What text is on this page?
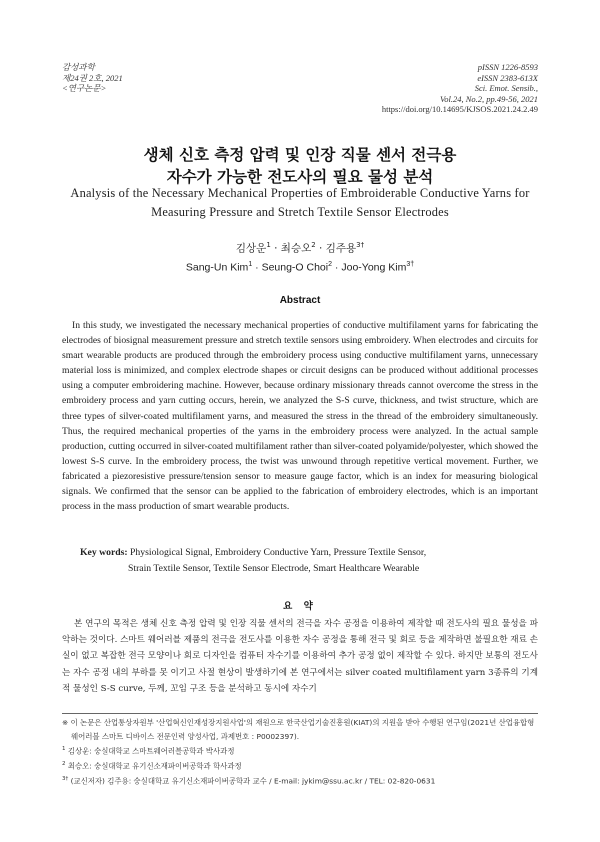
감성과학
제24권 2호, 2021
<연구논문>
pISSN 1226-8593
eISSN 2383-613X
Sci. Emot. Sensib.,
Vol.24, No.2, pp.49-56, 2021
https://doi.org/10.14695/KJSOS.2021.24.2.49
생체 신호 측정 압력 및 인장 직물 센서 전극용
자수가 가능한 전도사의 필요 물성 분석
Analysis of the Necessary Mechanical Properties of Embroiderable Conductive Yarns for
Measuring Pressure and Stretch Textile Sensor Electrodes
김상운$^1$ · 최승오$^2$ · 김주용$^{3\dagger}$
Sang-Un Kim$^1$ · Seung-O Choi$^2$ · Joo-Yong Kim$^{3\dagger}$
Abstract
In this study, we investigated the necessary mechanical properties of conductive multifilament yarns for fabricating the electrodes of biosignal measurement pressure and stretch textile sensors using embroidery. When electrodes and circuits for smart wearable products are produced through the embroidery process using conductive multifilament yarns, unnecessary material loss is minimized, and complex electrode shapes or circuit designs can be produced without additional processes using a computer embroidering machine. However, because ordinary missionary threads cannot overcome the stress in the embroidery process and yarn cutting occurs, herein, we analyzed the S-S curve, thickness, and twist structure, which are three types of silver-coated multifilament yarns, and measured the stress in the thread of the embroidery simultaneously. Thus, the required mechanical properties of the yarns in the embroidery process were analyzed. In the actual sample production, cutting occurred in silver-coated multifilament rather than silver-coated polyamide/polyester, which showed the lowest S-S curve. In the embroidery process, the twist was unwound through repetitive vertical movement. Further, we fabricated a piezoresistive pressure/tension sensor to measure gauge factor, which is an index for measuring biological signals. We confirmed that the sensor can be applied to the fabrication of embroidery electrodes, which is an important process in the mass production of smart wearable products.
Key words: Physiological Signal, Embroidery Conductive Yarn, Pressure Textile Sensor,
Strain Textile Sensor, Textile Sensor Electrode, Smart Healthcare Wearable
요 약
본 연구의 목적은 생체 신호 측정 압력 및 인장 직물 센서의 전극을 자수 공정을 이용하여 제작할 때 전도사의 필요 물성을 파악하는 것이다. 스마트 웨어러블 제품의 전극을 전도사를 이용한 자수 공정을 통해 전극 및 회로 등을 제작하면 불필요한 재료 손실이 없고 복잡한 전극 모양이나 회로 디자인을 컴퓨터 자수기를 이용하여 추가 공정 없이 제작할 수 있다. 하지만 보통의 전도사는 자수 공정 내의 부하를 못 이기고 사절 현상이 발생하기에 본 연구에서는 silver coated multifilament yarn 3종류의 기계적 물성인 S-S curve, 두께, 꼬임 구조 등을 분석하고 동시에 자수기
※ 이 논문은 산업통상자원부 '산업혁신인재성장지원사업'의 재원으로 한국산업기술진흥원(KIAT)의 지원을 받아 수행된 연구임(2021년 산업융합형 웨어러블 스마트 디바이스 전문인력 양성사업, 과제번호 : P0002397).
$^1$ 김상운: 숭실대학교 스마트웨어러블공학과 박사과정
$^2$ 최승오: 숭실대학교 유기신소재파이버공학과 학사과정
$^{3\dagger}$ (교신저자) 김주용: 숭실대학교 유기신소재파이버공학과 교수 / E-mail: jykim@ssu.ac.kr / TEL: 02-820-0631
